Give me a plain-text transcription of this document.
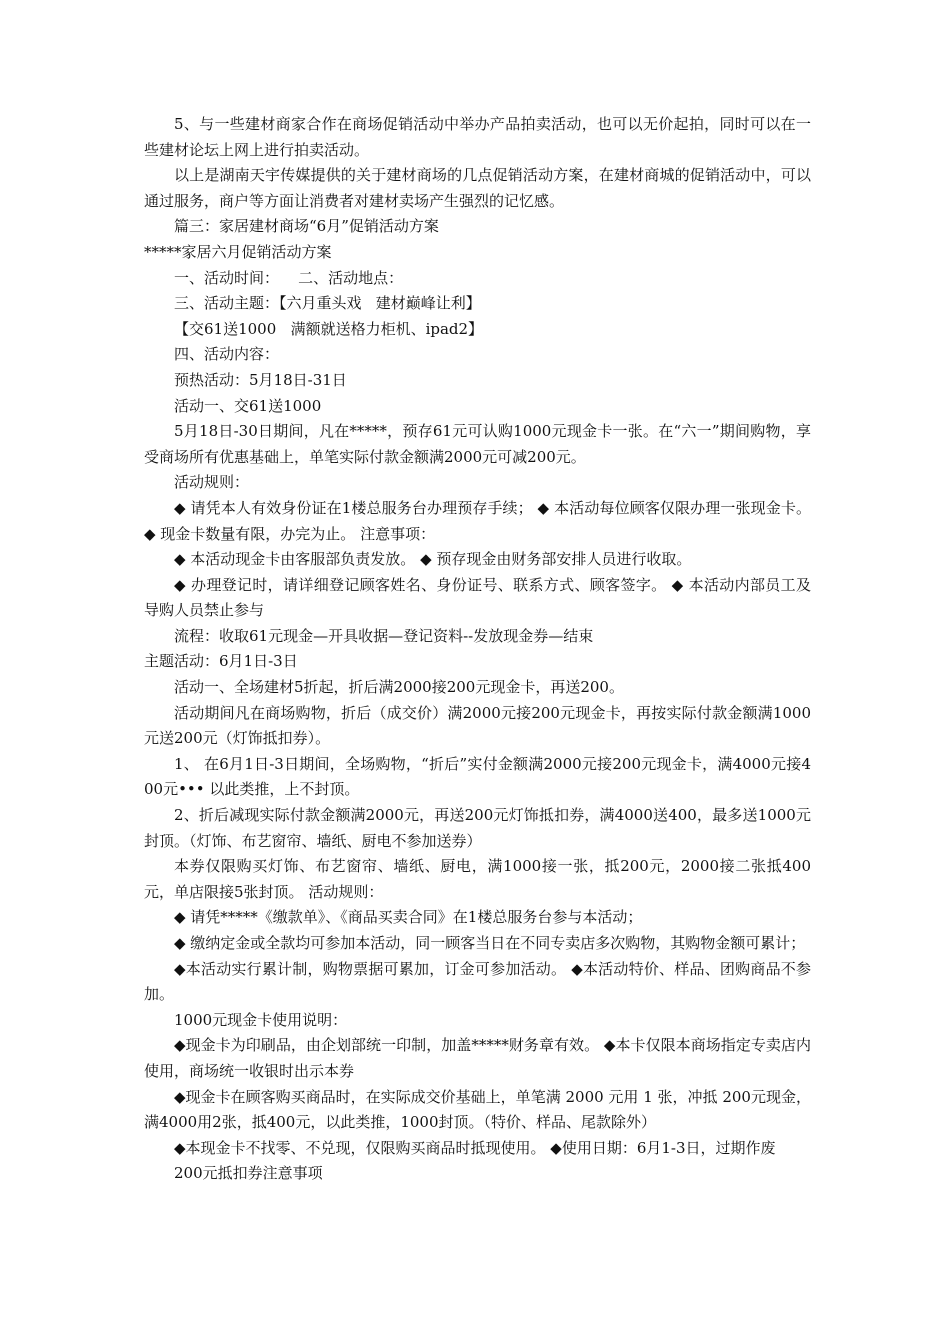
5、与一些建材商家合作在商场促销活动中举办产品拍卖活动，也可以无价起拍，同时可以在一些建材论坛上网上进行拍卖活动。

以上是湖南天宇传媒提供的关于建材商场的几点促销活动方案，在建材商城的促销活动中，可以通过服务，商户等方面让消费者对建材卖场产生强烈的记忆感。

篇三：家居建材商场“6月”促销活动方案

*****家居六月促销活动方案

一、活动时间：    二、活动地点：

三、活动主题：【六月重头戏   建材巅峰让利】

【交61送1000   满额就送格力柜机、ipad2】

四、活动内容：

预热活动：5月18日-31日

活动一、交61送1000

5月18日-30日期间，凡在*****，预存61元可认购1000元现金卡一张。在“六一”期间购物，享受商场所有优惠基础上，单笔实际付款金额满2000元可减200元。

活动规则：

◆ 请凭本人有效身份证在1楼总服务台办理预存手续； ◆ 本活动每位顾客仅限办理一张现金卡。 ◆ 现金卡数量有限，办完为止。 注意事项：

◆ 本活动现金卡由客服部负责发放。 ◆ 预存现金由财务部安排人员进行收取。

◆ 办理登记时，请详细登记顾客姓名、身份证号、联系方式、顾客签字。 ◆ 本活动内部员工及导购人员禁止参与

流程：收取61元现金—开具收据—登记资料--发放现金券—结束

主题活动：6月1日-3日

活动一、全场建材5折起，折后满2000接200元现金卡，再送200。

活动期间凡在商场购物，折后（成交价）满2000元接200元现金卡，再按实际付款金额满1000元送200元（灯饰抵扣券）。

1、 在6月1日-3日期间，全场购物，“折后”实付金额满2000元接200元现金卡，满4000元接400元••• 以此类推，上不封顶。

2、折后减现实际付款金额满2000元，再送200元灯饰抵扣券，满4000送400，最多送1000元封顶。（灯饰、布艺窗帘、墙纸、厨电不参加送券）

本券仅限购买灯饰、布艺窗帘、墙纸、厨电，满1000接一张，抵200元，2000接二张抵400元，单店限接5张封顶。 活动规则：

◆ 请凭*****《缴款单》、《商品买卖合同》在1楼总服务台参与本活动；

◆ 缴纳定金或全款均可参加本活动，同一顾客当日在不同专卖店多次购物，其购物金额可累计；

◆本活动实行累计制，购物票据可累加，订金可参加活动。 ◆本活动特价、样品、团购商品不参加。

1000元现金卡使用说明：

◆现金卡为印刷品，由企划部统一印制，加盖*****财务章有效。 ◆本卡仅限本商场指定专卖店内使用，商场统一收银时出示本券

◆现金卡在顾客购买商品时，在实际成交价基础上，单笔满 2000 元用 1 张，冲抵 200元现金，满4000用2张，抵400元，以此类推，1000封顶。（特价、样品、尾款除外）

◆本现金卡不找零、不兑现，仅限购买商品时抵现使用。 ◆使用日期：6月1-3日，过期作废

200元抵扣券注意事项
